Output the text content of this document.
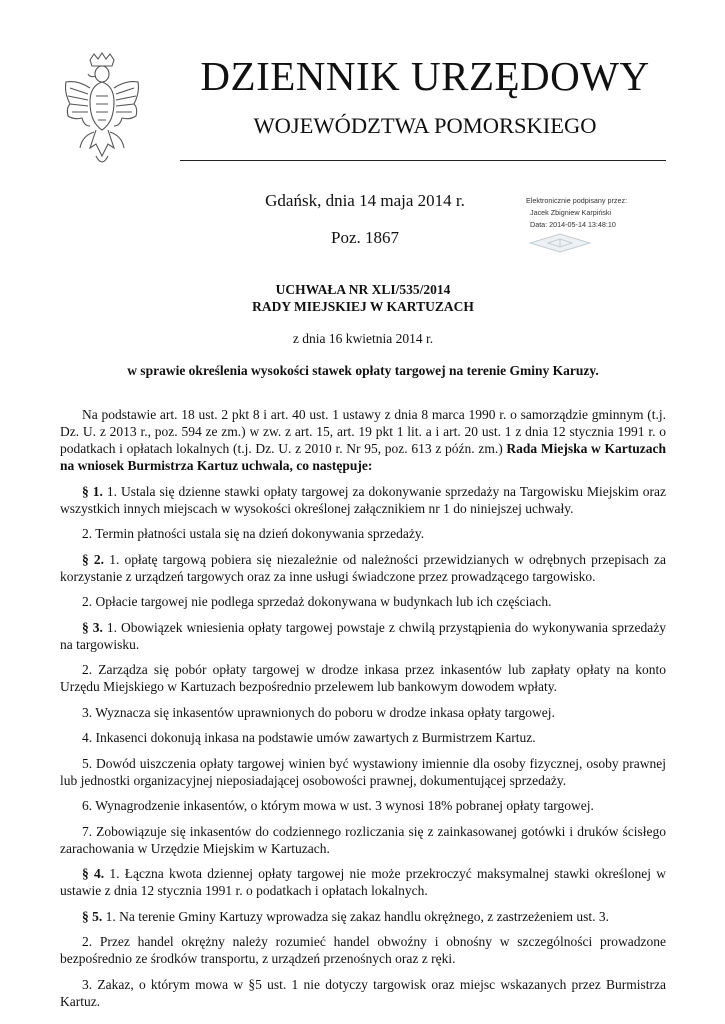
DZIENNIK URZĘDOWY
WOJEWÓDZTWA POMORSKIEGO
Gdańsk, dnia 14 maja 2014 r.
Poz. 1867
Elektronicznie podpisany przez:
Jacek Zbigniew Karpiński
Data: 2014-05-14 13:48:10
UCHWAŁA NR XLI/535/2014
RADY MIEJSKIEJ W KARTUZACH
z dnia 16 kwietnia 2014 r.
w sprawie określenia wysokości stawek opłaty targowej na terenie Gminy Karuzy.

Na podstawie art. 18 ust. 2 pkt 8 i art. 40 ust. 1 ustawy z dnia 8 marca 1990 r. o samorządzie gminnym (t.j. Dz. U. z 2013 r., poz. 594 ze zm.) w zw. z art. 15, art. 19 pkt 1 lit. a i art. 20 ust. 1 z dnia 12 stycznia 1991 r. o podatkach i opłatach lokalnych (t.j. Dz. U. z 2010 r. Nr 95, poz. 613 z późn. zm.) Rada Miejska w Kartuzach na wniosek Burmistrza Kartuz uchwala, co następuje:

§ 1. 1. Ustala się dzienne stawki opłaty targowej za dokonywanie sprzedaży na Targowisku Miejskim oraz wszystkich innych miejscach w wysokości określonej załącznikiem nr 1 do niniejszej uchwały.

2. Termin płatności ustala się na dzień dokonywania sprzedaży.

§ 2. 1. opłatę targową pobiera się niezależnie od należności przewidzianych w odrębnych przepisach za korzystanie z urządzeń targowych oraz za inne usługi świadczone przez prowadzącego targowisko.

2. Opłacie targowej nie podlega sprzedaż dokonywana w budynkach lub ich częściach.

§ 3. 1. Obowiązek wniesienia opłaty targowej powstaje z chwilą przystąpienia do wykonywania sprzedaży na targowisku.

2. Zarządza się pobór opłaty targowej w drodze inkasa przez inkasentów lub zapłaty opłaty na konto Urzędu Miejskiego w Kartuzach bezpośrednio przelewem lub bankowym dowodem wpłaty.

3. Wyznacza się inkasentów uprawnionych do poboru w drodze inkasa opłaty targowej.

4. Inkasenci dokonują inkasa na podstawie umów zawartych z Burmistrzem Kartuz.

5. Dowód uiszczenia opłaty targowej winien być wystawiony imiennie dla osoby fizycznej, osoby prawnej lub jednostki organizacyjnej nieposiadającej osobowości prawnej, dokumentującej sprzedaży.

6. Wynagrodzenie inkasentów, o którym mowa w ust. 3 wynosi 18% pobranej opłaty targowej.

7. Zobowiązuje się inkasentów do codziennego rozliczania się z zainkasowanej gotówki i druków ścisłego zarachowania w Urzędzie Miejskim w Kartuzach.

§ 4. 1. Łączna kwota dziennej opłaty targowej nie może przekroczyć maksymalnej stawki określonej w ustawie z dnia 12 stycznia 1991 r. o podatkach i opłatach lokalnych.

§ 5. 1. Na terenie Gminy Kartuzy wprowadza się zakaz handlu okrężnego, z zastrzeżeniem ust. 3.

2. Przez handel okrężny należy rozumieć handel obwoźny i obnośny w szczególności prowadzone bezpośrednio ze środków transportu, z urządzeń przenośnych oraz z ręki.

3. Zakaz, o którym mowa w §5 ust. 1 nie dotyczy targowisk oraz miejsc wskazanych przez Burmistrza Kartuz.
